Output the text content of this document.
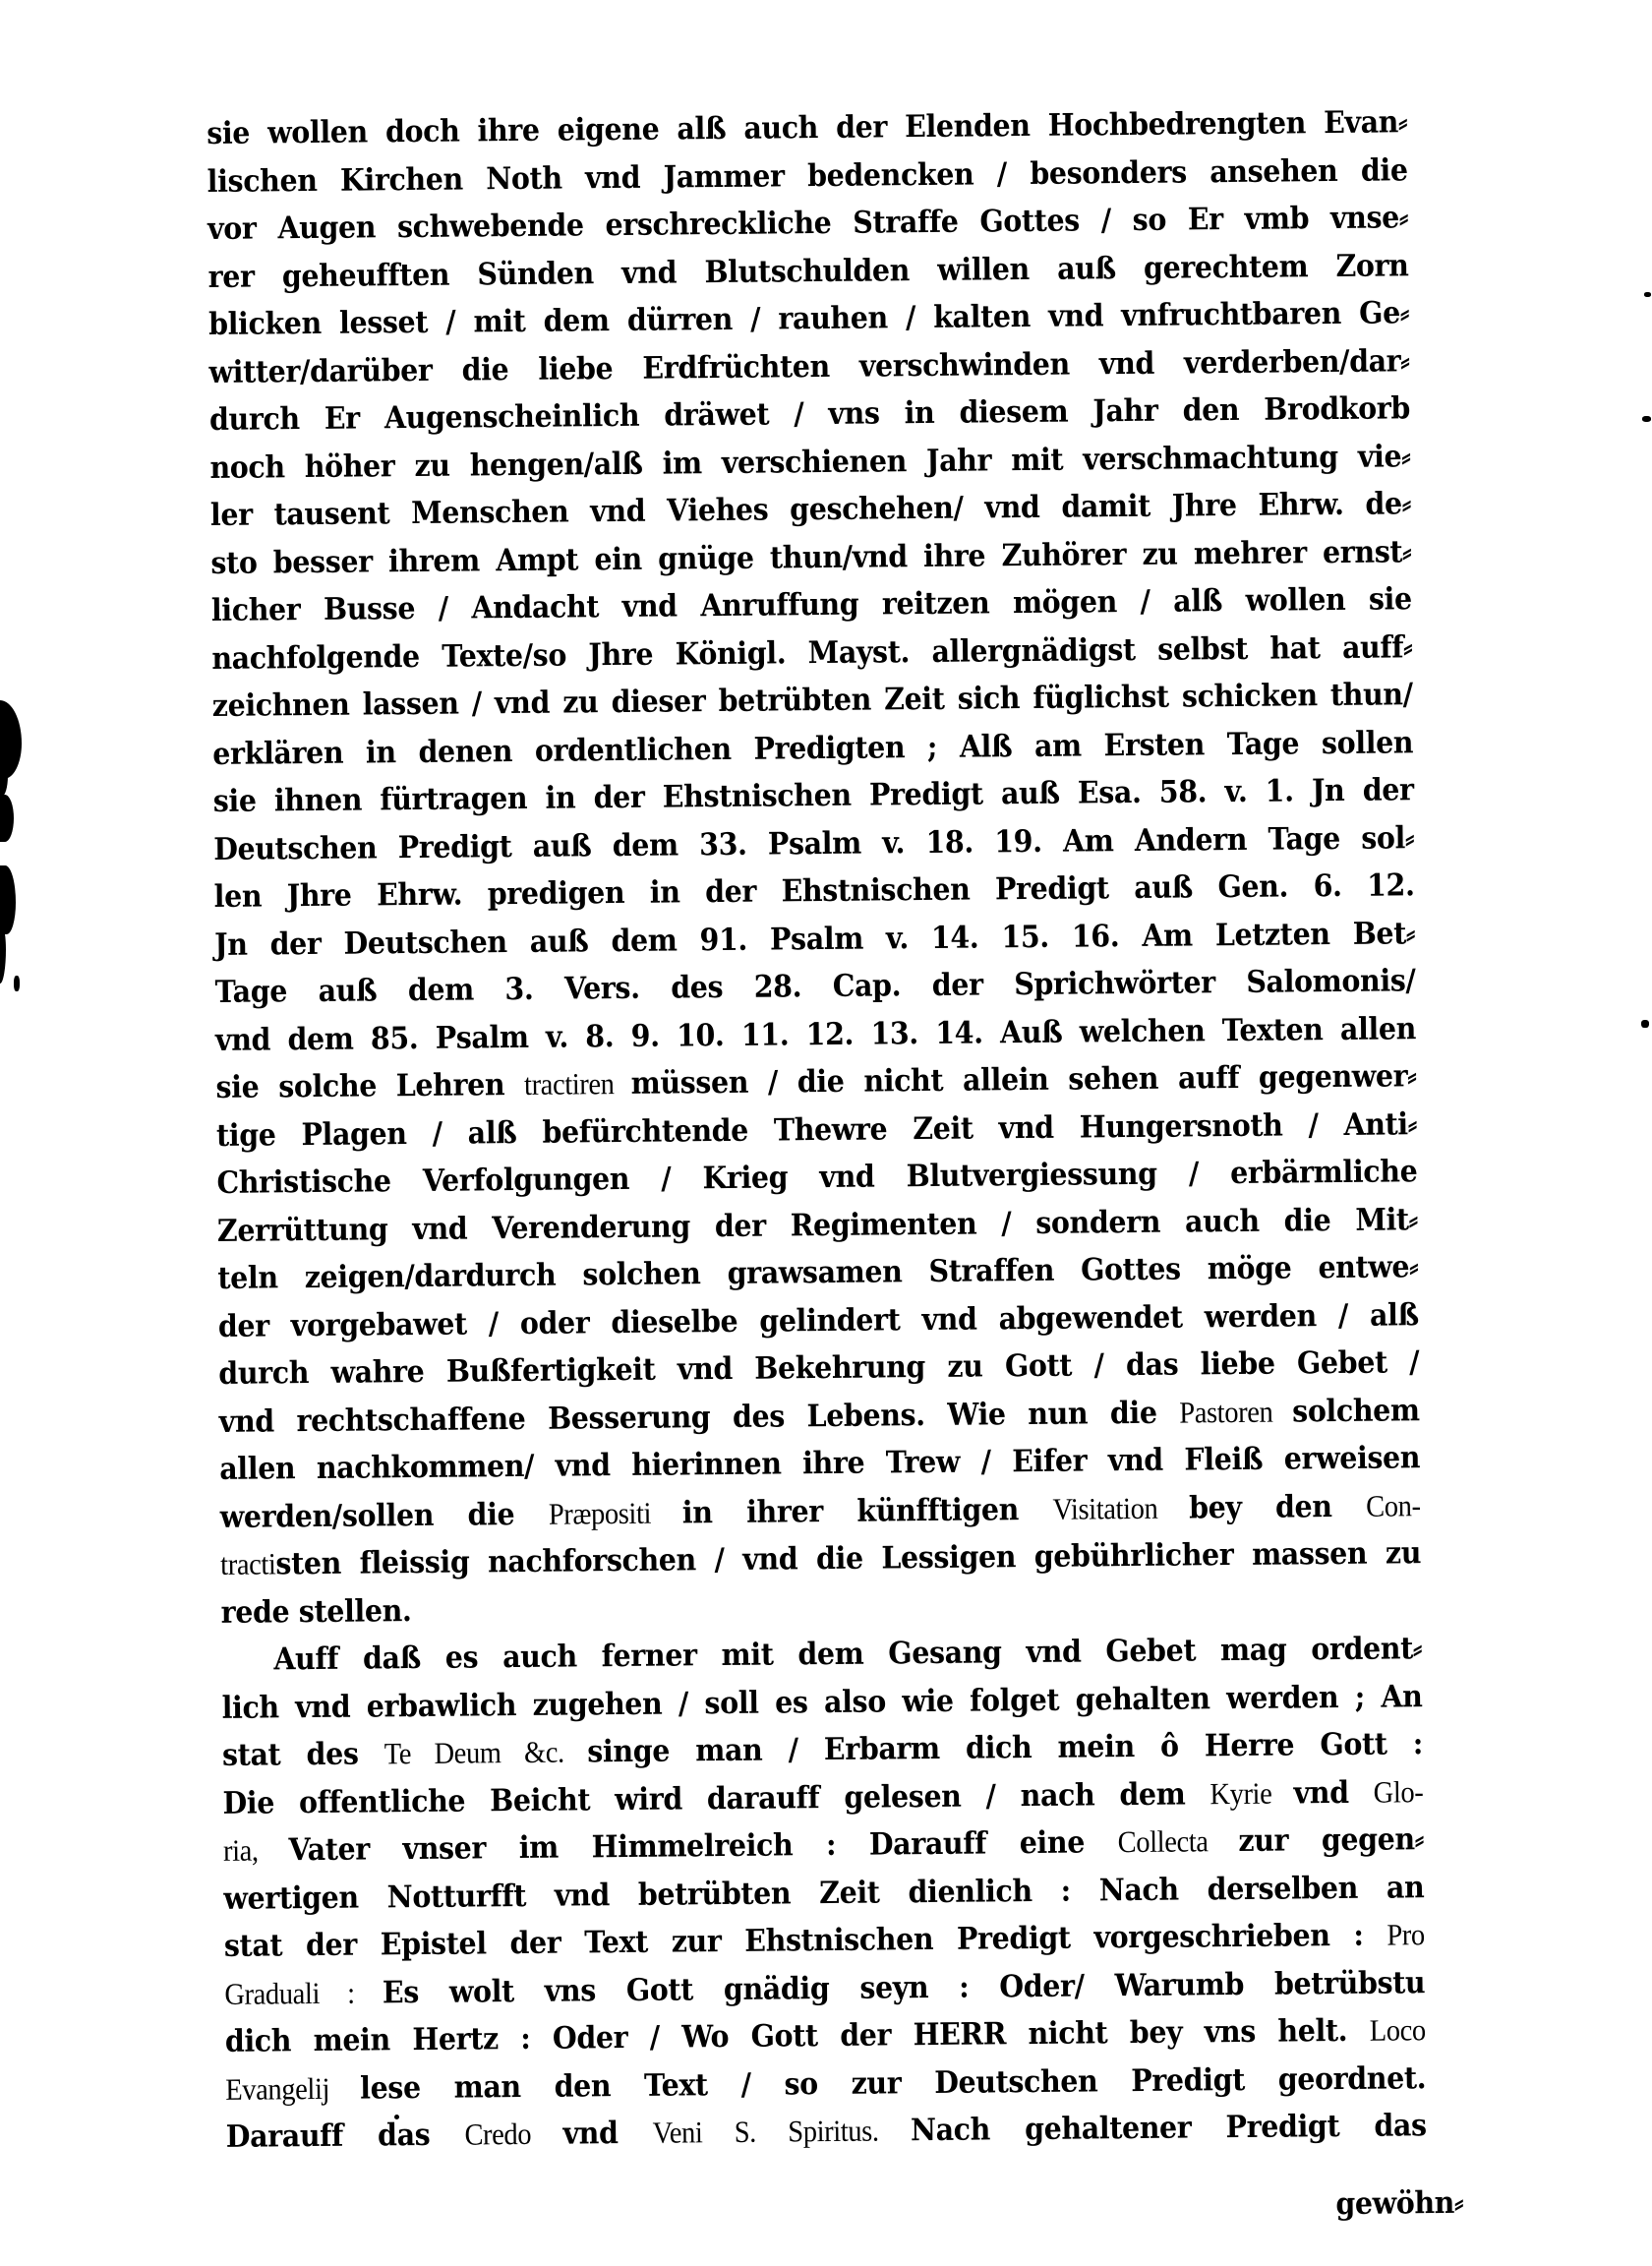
sie wollen doch ihre eigene alß auch der Elenden Hochbedrengten Evan⸗
lischen Kirchen Noth vnd Jammer bedencken / besonders ansehen die
vor Augen schwebende erschreckliche Straffe Gottes / so Er vmb vnse⸗
rer geheufften Sünden vnd Blutschulden willen auß gerechtem Zorn
blicken lesset / mit dem dürren / rauhen / kalten vnd vnfruchtbaren Ge⸗
witter/darüber die liebe Erdfrüchten verschwinden vnd verderben/dar⸗
durch Er Augenscheinlich dräwet / vns in diesem Jahr den Brodkorb
noch höher zu hengen/alß im verschienen Jahr mit verschmachtung vie⸗
ler tausent Menschen vnd Viehes geschehen/ vnd damit Jhre Ehrw. de⸗
sto besser ihrem Ampt ein gnüge thun/vnd ihre Zuhörer zu mehrer ernst⸗
licher Busse / Andacht vnd Anruffung reitzen mögen / alß wollen sie
nachfolgende Texte/so Jhre Königl. Mayst. allergnädigst selbst hat auff⸗
zeichnen lassen / vnd zu dieser betrübten Zeit sich füglichst schicken thun/
erklären in denen ordentlichen Predigten ; Alß am Ersten Tage sollen
sie ihnen fürtragen in der Ehstnischen Predigt auß Esa. 58. v. 1. Jn der
Deutschen Predigt auß dem 33. Psalm v. 18. 19. Am Andern Tage sol⸗
len Jhre Ehrw. predigen in der Ehstnischen Predigt auß Gen. 6. 12.
Jn der Deutschen auß dem 91. Psalm v. 14. 15. 16. Am Letzten Bet⸗
Tage auß dem 3. Vers. des 28. Cap. der Sprichwörter Salomonis/
vnd dem 85. Psalm v. 8. 9. 10. 11. 12. 13. 14. Auß welchen Texten allen
sie solche Lehren tractiren müssen / die nicht allein sehen auff gegenwer⸗
tige Plagen / alß befürchtende Thewre Zeit vnd Hungersnoth / Anti⸗
Christische Verfolgungen / Krieg vnd Blutvergiessung / erbärmliche
Zerrüttung vnd Verenderung der Regimenten / sondern auch die Mit⸗
teln zeigen/dardurch solchen grawsamen Straffen Gottes möge entwe⸗
der vorgebawet / oder dieselbe gelindert vnd abgewendet werden / alß
durch wahre Bußfertigkeit vnd Bekehrung zu Gott / das liebe Gebet /
vnd rechtschaffene Besserung des Lebens. Wie nun die Pastoren solchem
allen nachkommen/ vnd hierinnen ihre Trew / Eifer vnd Fleiß erweisen
werden/sollen die Præpositi in ihrer künfftigen Visitation bey den Con-
tractisten fleissig nachforschen / vnd die Lessigen gebührlicher massen zu
rede stellen.
Auff daß es auch ferner mit dem Gesang vnd Gebet mag ordent⸗
lich vnd erbawlich zugehen / soll es also wie folget gehalten werden ; An
stat des Te Deum &c. singe man / Erbarm dich mein ô Herre Gott :
Die offentliche Beicht wird darauff gelesen / nach dem Kyrie vnd Glo-
ria, Vater vnser im Himmelreich : Darauff eine Collecta zur gegen⸗
wertigen Notturfft vnd betrübten Zeit dienlich : Nach derselben an
stat der Epistel der Text zur Ehstnischen Predigt vorgeschrieben : Pro
Graduali : Es wolt vns Gott gnädig seyn : Oder/ Warumb betrübstu
dich mein Hertz : Oder / Wo Gott der HERR nicht bey vns helt. Loco
Evangelij lese man den Text / so zur Deutschen Predigt geordnet.
Darauff das Credo vnd Veni S. Spiritus. Nach gehaltener Predigt das
gewöhn⸗
